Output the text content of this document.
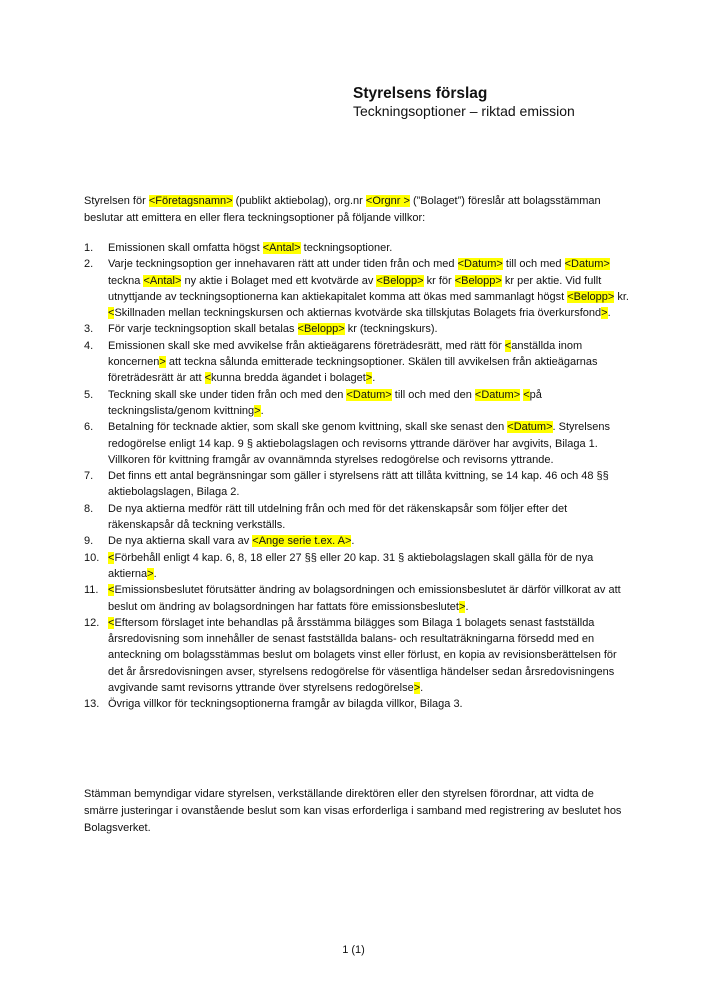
Styrelsens förslag
Teckningsoptioner – riktad emission

Styrelsen för <Företagsnamn> (publikt aktiebolag), org.nr <Orgnr > (”Bolaget”) föreslår att bolagsstämman beslutar att emittera en eller flera teckningsoptioner på följande villkor:

1.	Emissionen skall omfatta högst <Antal> teckningsoptioner.
2.	Varje teckningsoption ger innehavaren rätt att under tiden från och med <Datum> till och med <Datum> teckna <Antal> ny aktie i Bolaget med ett kvotvärde av <Belopp> kr för <Belopp> kr per aktie. Vid fullt utnyttjande av teckningsoptionerna kan aktiekapitalet komma att ökas med sammanlagt högst <Belopp> kr. <Skillnaden mellan teckningskursen och aktiernas kvotvärde ska tillskjutas Bolagets fria överkursfond>.
3.	För varje teckningsoption skall betalas <Belopp> kr (teckningskurs).
4.	Emissionen skall ske med avvikelse från aktieägarens företrädesrätt, med rätt för <anställda inom koncernen> att teckna sålunda emitterade teckningsoptioner. Skälen till avvikelsen från aktieägarnas företrädesrätt är att <kunna bredda ägandet i bolaget>.
5.	Teckning skall ske under tiden från och med den <Datum> till och med den <Datum> <på teckningslista/genom kvittning>.
6.	Betalning för tecknade aktier, som skall ske genom kvittning, skall ske senast den <Datum>. Styrelsens redogörelse enligt 14 kap. 9 § aktiebolagslagen och revisorns yttrande däröver har avgivits, Bilaga 1. Villkoren för kvittning framgår av ovannämnda styrelses redogörelse och revisorns yttrande.
7.	Det finns ett antal begränsningar som gäller i styrelsens rätt att tillåta kvittning, se 14 kap. 46 och 48 §§ aktiebolagslagen, Bilaga 2.
8.	De nya aktierna medför rätt till utdelning från och med för det räkenskapsår som följer efter det räkenskapsår då teckning verkställs.
9.	De nya aktierna skall vara av <Ange serie t.ex. A>.
10. <Förbehåll enligt 4 kap. 6, 8, 18 eller 27 §§ eller 20 kap. 31 § aktiebolagslagen skall gälla för de nya aktierna>.
11. <Emissionsbeslutet förutsätter ändring av bolagsordningen och emissionsbeslutet är därför villkorat av att beslut om ändring av bolagsordningen har fattats före emissionsbeslutet>.
12. <Eftersom förslaget inte behandlas på årsstämma bilägges som Bilaga 1 bolagets senast fastställda årsredovisning som innehåller de senast fastställda balans- och resultaträkningarna försedd med en anteckning om bolagsstämmas beslut om bolagets vinst eller förlust, en kopia av revisionsberättelsen för det år årsredovisningen avser, styrelsens redogörelse för väsentliga händelser sedan årsredovisningens avgivande samt revisorns yttrande över styrelsens redogörelse>.
13. Övriga villkor för teckningsoptionerna framgår av bilagda villkor, Bilaga 3.

Stämman bemyndigar vidare styrelsen, verkställande direktören eller den styrelsen förordnar, att vidta de smärre justeringar i ovanstående beslut som kan visas erforderliga i samband med registrering av beslutet hos Bolagsverket.

1 (1)
